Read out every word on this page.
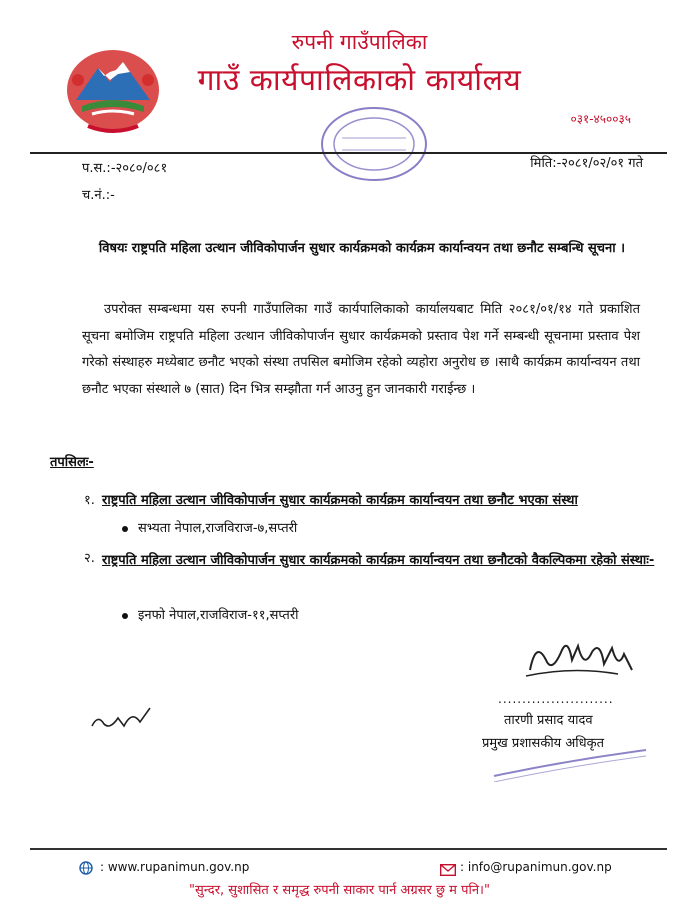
रुपनी गाउँपालिका
गाउँ कार्यपालिकाको कार्यालय
०३१-४५००३५
प.स.:-२०८०/०८१	मिति:-२०८१/०२/०१ गते
च.नं.:-
विषयः राष्ट्रपति महिला उत्थान जीविकोपार्जन सुधार कार्यक्रमको कार्यक्रम कार्यान्वयन तथा छनौट सम्बन्धि सूचना ।
उपरोक्त सम्बन्धमा यस रुपनी गाउँपालिका गाउँ कार्यपालिकाको कार्यालयबाट मिति २०८१/०१/१४ गते प्रकाशित सूचना बमोजिम राष्ट्रपति महिला उत्थान जीविकोपार्जन सुधार कार्यक्रमको प्रस्ताव पेश गर्ने सम्बन्धी सूचनामा प्रस्ताव पेश गरेको संस्थाहरु मध्येबाट छनौट भएको संस्था तपसिल बमोजिम रहेको व्यहोरा अनुरोध छ ।साथै कार्यक्रम कार्यान्वयन तथा छनौट भएका संस्थाले ७ (सात) दिन भित्र सम्झौता गर्न आउनु हुन जानकारी गराईन्छ ।
तपसिलः-
१. राष्ट्रपति महिला उत्थान जीविकोपार्जन सुधार कार्यक्रमको कार्यक्रम कार्यान्वयन तथा छनौट भएका संस्था
सभ्यता नेपाल,राजविराज-७,सप्तरी
२. राष्ट्रपति महिला उत्थान जीविकोपार्जन सुधार कार्यक्रमको कार्यक्रम कार्यान्वयन तथा छनौटको वैकल्पिकमा रहेको संस्थाः-
इनफो नेपाल,राजविराज-११,सप्तरी
........................
तारणी प्रसाद यादव
प्रमुख प्रशासकीय अधिकृत
: www.rupanimun.gov.np	: info@rupanimun.gov.np
"सुन्दर, सुशासित र समृद्ध रुपनी साकार पार्न अग्रसर छु म पनि।"
